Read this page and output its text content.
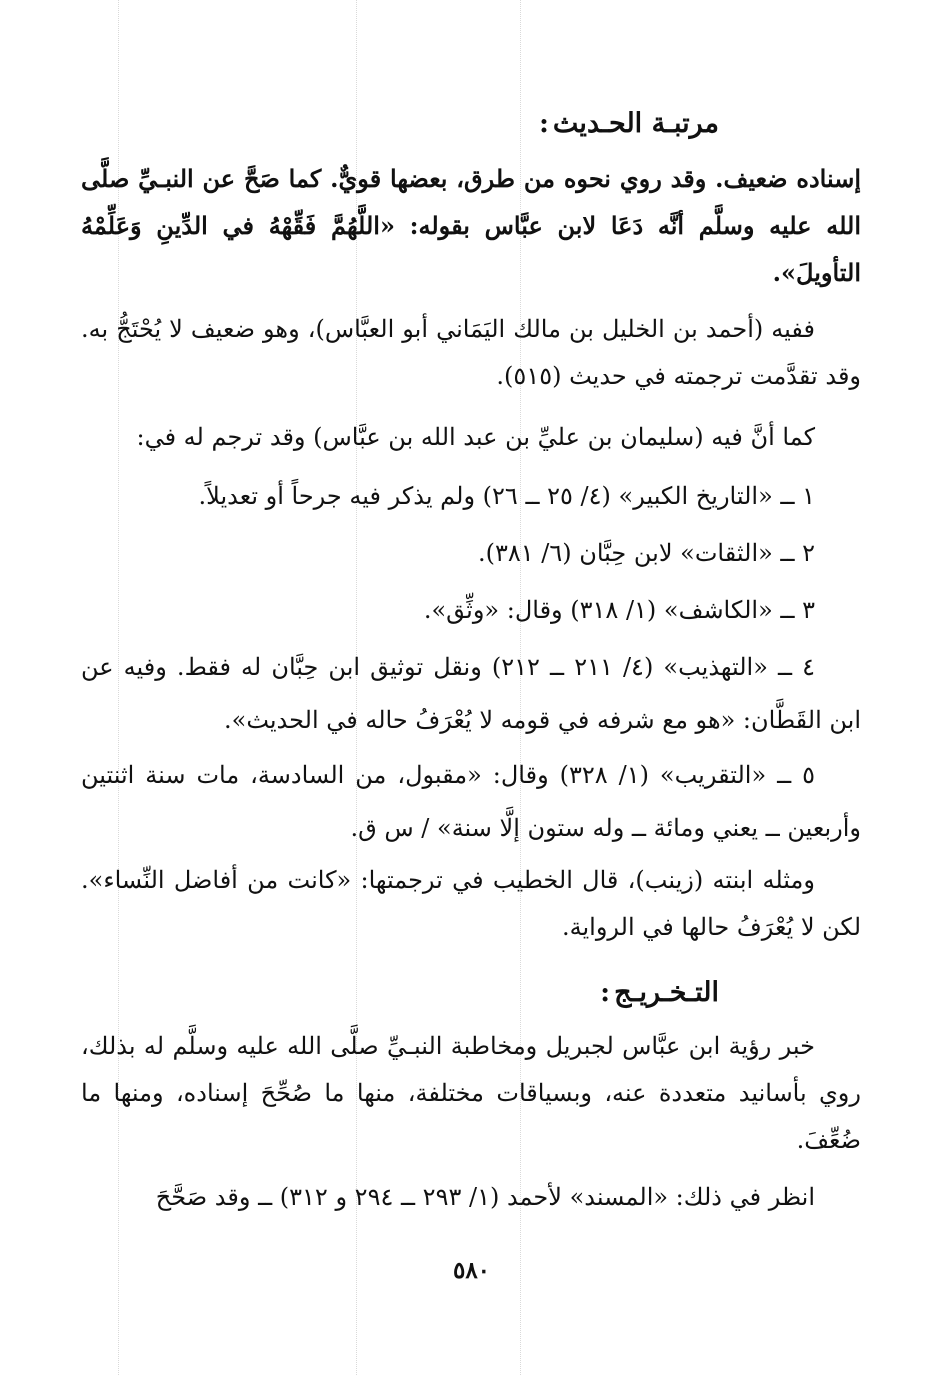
مرتبـة الحـديث:
إسناده ضعيف. وقد روي نحوه من طرق، بعضها قويٌّ. كما صَحَّ عن النبـيِّ صلَّى الله عليه وسلَّم أنَّه دَعَا لابن عبَّاس بقوله: «اللَّهُمَّ فَقِّهْهُ في الدِّينِ وَعَلِّمْهُ التأويلَ».
ففيه (أحمد بن الخليل بن مالك اليَمَاني أبو العبَّاس)، وهو ضعيف لا يُحْتَجُّ به. وقد تقدَّمت ترجمته في حديث (٥١٥).
كما أنَّ فيه (سليمان بن عليِّ بن عبد الله بن عبَّاس) وقد ترجم له في:
١ ــ «التاريخ الكبير» (٤/ ٢٥ ــ ٢٦) ولم يذكر فيه جرحاً أو تعديلاً.
٢ ــ «الثقات» لابن حِبَّان (٦/ ٣٨١).
٣ ــ «الكاشف» (١/ ٣١٨) وقال: «وثِّق».
٤ ــ «التهذيب» (٤/ ٢١١ ــ ٢١٢) ونقل توثيق ابن حِبَّان له فقط. وفيه عن ابن القَطَّان: «هو مع شرفه في قومه لا يُعْرَفُ حاله في الحديث».
٥ ــ «التقريب» (١/ ٣٢٨) وقال: «مقبول، من السادسة، مات سنة اثنتين وأربعين ــ يعني ومائة ــ وله ستون إلَّا سنة» / س ق.
ومثله ابنته (زينب)، قال الخطيب في ترجمتها: «كانت من أفاضل النِّساء». لكن لا يُعْرَفُ حالها في الرواية.
التـخـريـج:
خبر رؤية ابن عبَّاس لجبريل ومخاطبة النبـيِّ صلَّى الله عليه وسلَّم له بذلك، روي بأسانيد متعددة عنه، وبسياقات مختلفة، منها ما صُحِّحَ إسناده، ومنها ما ضُعِّفَ.
انظر في ذلك: «المسند» لأحمد (١/ ٢٩٣ ــ ٢٩٤ و ٣١٢) ــ وقد صَحَّحَ
٥٨٠
